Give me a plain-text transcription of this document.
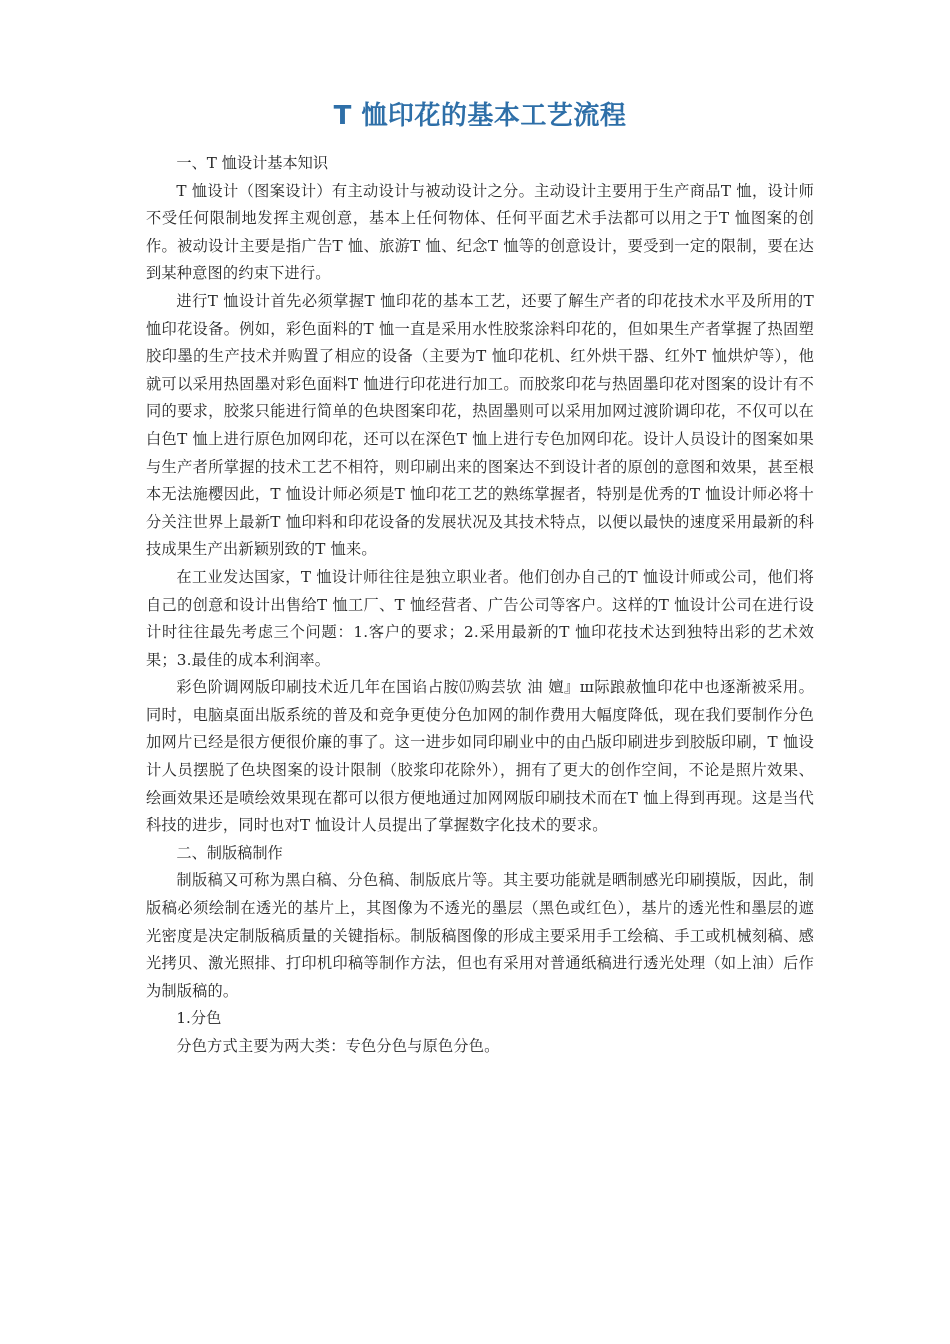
T 恤印花的基本工艺流程

一、T 恤设计基本知识

T 恤设计（图案设计）有主动设计与被动设计之分。主动设计主要用于生产商品T 恤，设计师不受任何限制地发挥主观创意，基本上任何物体、任何平面艺术手法都可以用之于T 恤图案的创作。被动设计主要是指广告T 恤、旅游T 恤、纪念T 恤等的创意设计，要受到一定的限制，要在达到某种意图的约束下进行。

进行T 恤设计首先必须掌握T 恤印花的基本工艺，还要了解生产者的印花技术水平及所用的T 恤印花设备。例如，彩色面料的T 恤一直是采用水性胶浆涂料印花的，但如果生产者掌握了热固塑胶印墨的生产技术并购置了相应的设备（主要为T 恤印花机、红外烘干器、红外T 恤烘炉等），他就可以采用热固墨对彩色面料T 恤进行印花进行加工。而胶浆印花与热固墨印花对图案的设计有不同的要求，胶浆只能进行简单的色块图案印花，热固墨则可以采用加网过渡阶调印花，不仅可以在白色T 恤上进行原色加网印花，还可以在深色T 恤上进行专色加网印花。设计人员设计的图案如果与生产者所掌握的技术工艺不相符，则印刷出来的图案达不到设计者的原创的意图和效果，甚至根本无法施樱因此，T 恤设计师必须是T 恤印花工艺的熟练掌握者，特别是优秀的T 恤设计师必将十分关注世界上最新T 恤印料和印花设备的发展状况及其技术特点，以便以最快的速度采用最新的科技成果生产出新颖别致的T 恤来。

在工业发达国家，T 恤设计师往往是独立职业者。他们创办自己的T 恤设计师或公司，他们将自己的创意和设计出售给T 恤工厂、T 恤经营者、广告公司等客户。这样的T 恤设计公司在进行设计时往往最先考虑三个问题：1.客户的要求；2.采用最新的T 恤印花技术达到独特出彩的艺术效果；3.最佳的成本利润率。

彩色阶调网版印刷技术近几年在国谄占胺⒄购芸欤 油 嬗』ш际踉赦恤印花中也逐渐被采用。同时，电脑桌面出版系统的普及和竞争更使分色加网的制作费用大幅度降低，现在我们要制作分色加网片已经是很方便很价廉的事了。这一进步如同印刷业中的由凸版印刷进步到胶版印刷，T 恤设计人员摆脱了色块图案的设计限制（胶浆印花除外），拥有了更大的创作空间，不论是照片效果、绘画效果还是喷绘效果现在都可以很方便地通过加网网版印刷技术而在T 恤上得到再现。这是当代科技的进步，同时也对T 恤设计人员提出了掌握数字化技术的要求。

二、制版稿制作

制版稿又可称为黑白稿、分色稿、制版底片等。其主要功能就是晒制感光印刷摸版，因此，制版稿必须绘制在透光的基片上，其图像为不透光的墨层（黑色或红色），基片的透光性和墨层的遮光密度是决定制版稿质量的关键指标。制版稿图像的形成主要采用手工绘稿、手工或机械刻稿、感光拷贝、激光照排、打印机印稿等制作方法，但也有采用对普通纸稿进行透光处理（如上油）后作为制版稿的。

1.分色

分色方式主要为两大类：专色分色与原色分色。
